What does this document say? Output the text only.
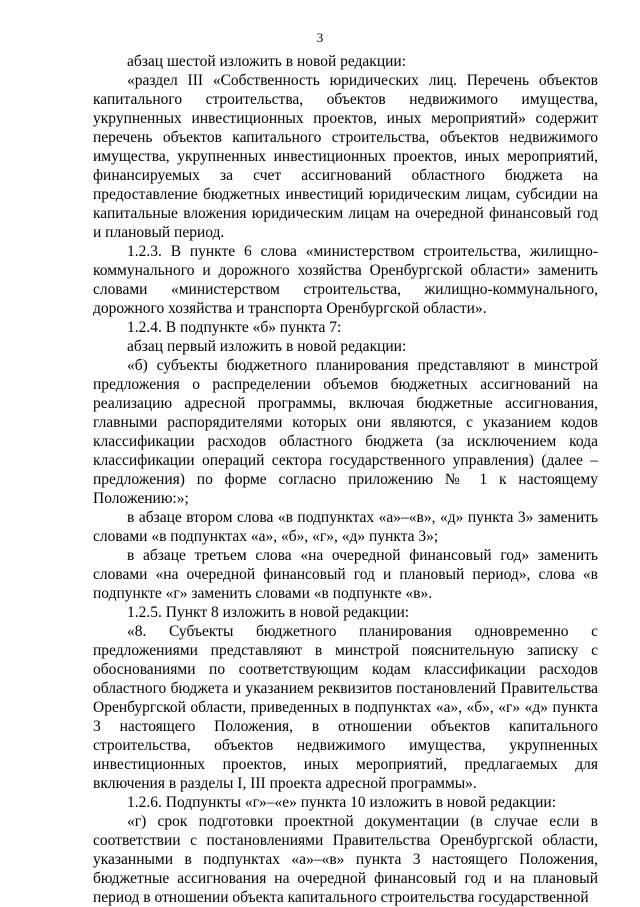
3

абзац шестой изложить в новой редакции:

«раздел III «Собственность юридических лиц. Перечень объектов капитального строительства, объектов недвижимого имущества, укрупненных инвестиционных проектов, иных мероприятий» содержит перечень объектов капитального строительства, объектов недвижимого имущества, укрупненных инвестиционных проектов, иных мероприятий, финансируемых за счет ассигнований областного бюджета на предоставление бюджетных инвестиций юридическим лицам, субсидии на капитальные вложения юридическим лицам на очередной финансовый год и плановый период.

1.2.3. В пункте 6 слова «министерством строительства, жилищно-коммунального и дорожного хозяйства Оренбургской области» заменить словами «министерством строительства, жилищно-коммунального, дорожного хозяйства и транспорта Оренбургской области».

1.2.4. В подпункте «б» пункта 7:

абзац первый изложить в новой редакции:

«б) субъекты бюджетного планирования представляют в минстрой предложения о распределении объемов бюджетных ассигнований на реализацию адресной программы, включая бюджетные ассигнования, главными распорядителями которых они являются, с указанием кодов классификации расходов областного бюджета (за исключением кода классификации операций сектора государственного управления) (далее – предложения) по форме согласно приложению № 1 к настоящему Положению:»;

в абзаце втором слова «в подпунктах «а»–«в», «д» пункта 3» заменить словами «в подпунктах «а», «б», «г», «д» пункта 3»;

в абзаце третьем слова «на очередной финансовый год» заменить словами «на очередной финансовый год и плановый период», слова «в подпункте «г» заменить словами «в подпункте «в».

1.2.5. Пункт 8 изложить в новой редакции:

«8. Субъекты бюджетного планирования одновременно с предложениями представляют в минстрой пояснительную записку с обоснованиями по соответствующим кодам классификации расходов областного бюджета и указанием реквизитов постановлений Правительства Оренбургской области, приведенных в подпунктах «а», «б», «г» «д» пункта 3 настоящего Положения, в отношении объектов капитального строительства, объектов недвижимого имущества, укрупненных инвестиционных проектов, иных мероприятий, предлагаемых для включения в разделы I, III проекта адресной программы».

1.2.6. Подпункты «г»–«е» пункта 10 изложить в новой редакции:

«г) срок подготовки проектной документации (в случае если в соответствии с постановлениями Правительства Оренбургской области, указанными в подпунктах «а»–«в» пункта 3 настоящего Положения, бюджетные ассигнования на очередной финансовый год и на плановый период в отношении объекта капитального строительства государственной
